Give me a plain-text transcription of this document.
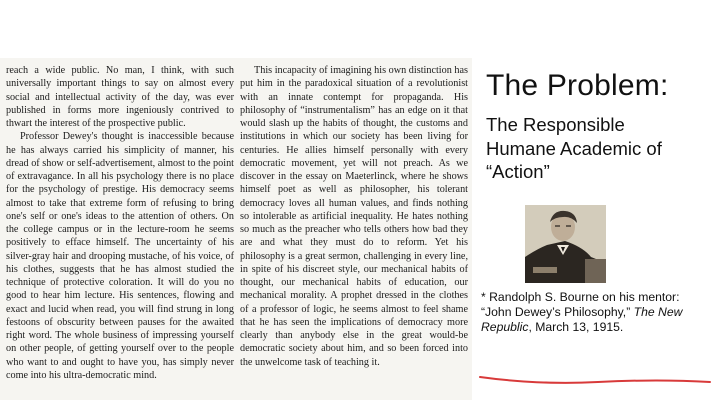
reach a wide public. No man, I think, with such universally important things to say on almost every social and intellectual activity of the day, was ever published in forms more ingeniously contrived to thwart the interest of the prospective public.

Professor Dewey's thought is inaccessible because he has always carried his simplicity of manner, his dread of show or self-advertisement, almost to the point of extravagance. In all his psychology there is no place for the psychology of prestige. His democracy seems almost to take that extreme form of refusing to bring one's self or one's ideas to the attention of others. On the college campus or in the lecture-room he seems positively to efface himself. The uncertainty of his silver-gray hair and drooping mustache, of his voice, of his clothes, suggests that he has almost studied the technique of protective coloration. It will do you no good to hear him lecture. His sentences, flowing and exact and lucid when read, you will find strung in long festoons of obscurity between pauses for the awaited right word. The whole business of impressing yourself on other people, of getting yourself over to the people who want to and ought to have you, has simply never come into his ultra-democratic mind.

This incapacity of imagining his own distinction has put him in the paradoxical situation of a revolutionist with an innate contempt for propaganda. His philosophy of “instrumentalism” has an edge on it that would slash up the habits of thought, the customs and institutions in which our society has been living for centuries. He allies himself personally with every democratic movement, yet will not preach. As we discover in the essay on Maeterlinck, where he shows himself poet as well as philosopher, his tolerant democracy loves all human values, and finds nothing so intolerable as artificial inequality. He hates nothing so much as the preacher who tells others how bad they are and what they must do to reform. Yet his philosophy is a great sermon, challenging in every line, in spite of his discreet style, our mechanical habits of thought, our mechanical habits of education, our mechanical morality. A prophet dressed in the clothes of a professor of logic, he seems almost to feel shame that he has seen the implications of democracy more clearly than anybody else in the great would-be democratic society about him, and so been forced into the unwelcome task of teaching it.

The Problem:
The Responsible
Humane Academic of
“Action”
* Randolph S. Bourne on his mentor:
“John Dewey’s Philosophy,” The New
Republic, March 13, 1915.
